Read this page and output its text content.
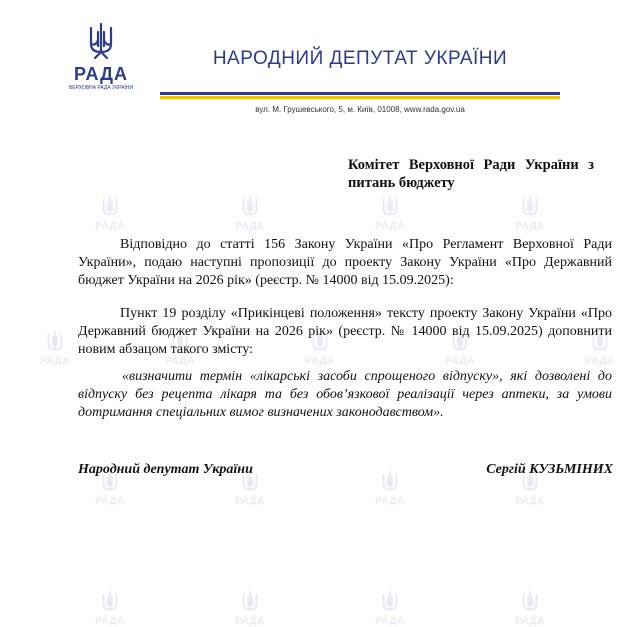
РАДА	РАДА	РАДА	РАДА
РАДА	РАДА	РАДА	РАДА
РАДА	РАДА	РАДА	РАДА
РАДА	РАДА	РАДА	РАДА	РАДА
РАДА
ВЕРХОВНА РАДА УКРАЇНИ
НАРОДНИЙ ДЕПУТАТ УКРАЇНИ
вул. М. Грушевського, 5, м. Київ, 01008, www.rada.gov.ua
Комітет Верховної Ради України з питань бюджету
Відповідно до статті 156 Закону України «Про Регламент Верховної Ради України», подаю наступні пропозиції до проекту Закону України «Про Державний бюджет України на 2026 рік» (реєстр. № 14000 від 15.09.2025):
Пункт 19 розділу «Прикінцеві положення» тексту проекту Закону України «Про Державний бюджет України на 2026 рік» (реєстр. № 14000 від 15.09.2025) доповнити новим абзацом такого змісту:
«визначити термін «лікарські засоби спрощеного відпуску», які дозволені до відпуску без рецепта лікаря та без обов’язкової реалізації через аптеки, за умови дотримання спеціальних вимог визначених законодавством».
Народний депутат України	Сергій КУЗЬМІНИХ
